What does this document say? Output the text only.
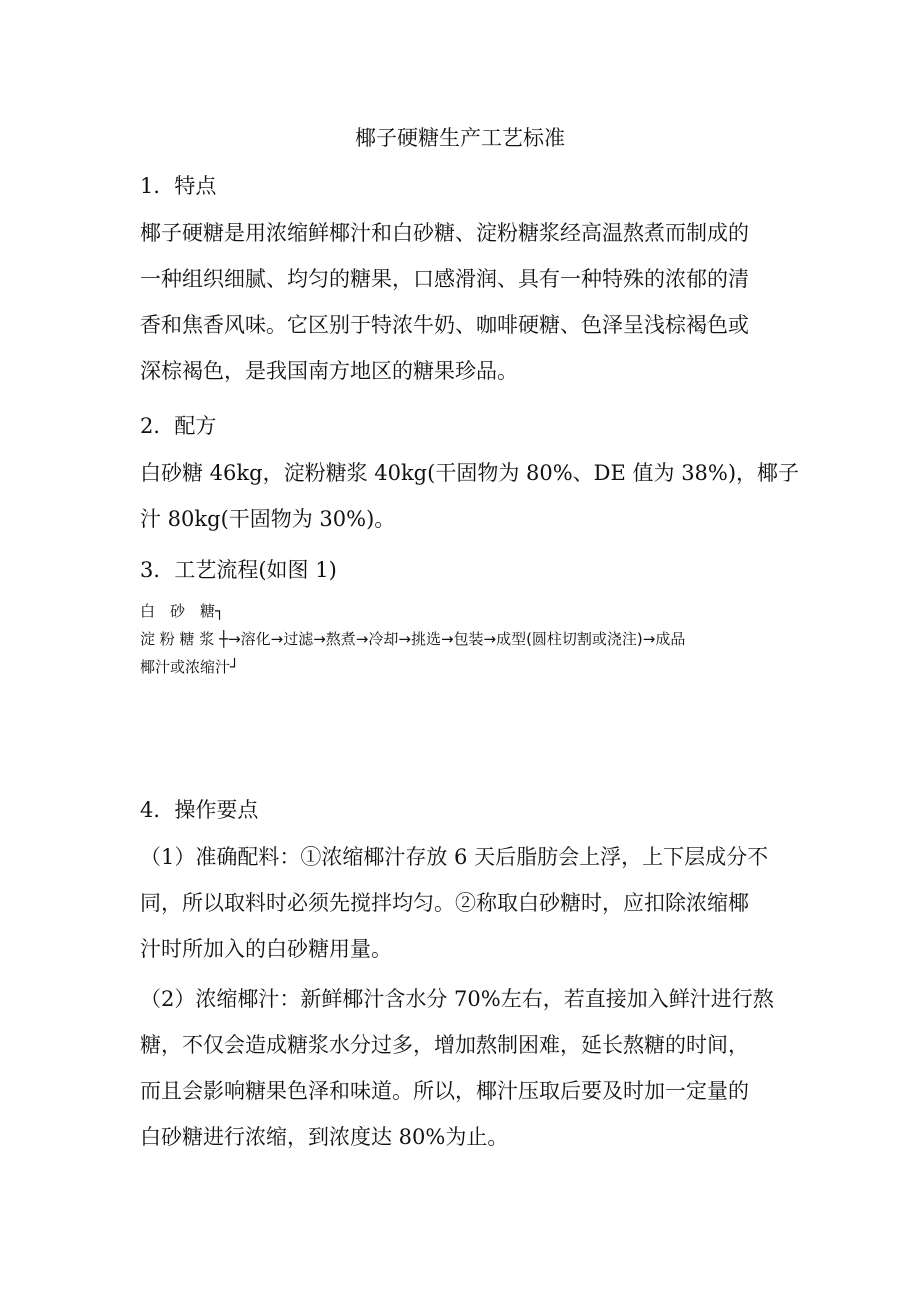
椰子硬糖生产工艺标准
1．特点
椰子硬糖是用浓缩鲜椰汁和白砂糖、淀粉糖浆经高温熬煮而制成的
一种组织细腻、均匀的糖果，口感滑润、具有一种特殊的浓郁的清
香和焦香风味。它区别于特浓牛奶、咖啡硬糖、色泽呈浅棕褐色或
深棕褐色，是我国南方地区的糖果珍品。
2．配方
白砂糖 46kg，淀粉糖浆 40kg(干固物为 80%、DE 值为 38%)，椰子
汁 80kg(干固物为 30%)。
3．工艺流程(如图 1)
白　砂　糖┐
淀 粉 糖 浆 ┼→溶化→过滤→熬煮→冷却→挑选→包装→成型(圆柱切割或浇注)→成品
椰汁或浓缩汁┘
4．操作要点
（1）准确配料：①浓缩椰汁存放 6 天后脂肪会上浮，上下层成分不
同，所以取料时必须先搅拌均匀。②称取白砂糖时，应扣除浓缩椰
汁时所加入的白砂糖用量。
（2）浓缩椰汁：新鲜椰汁含水分 70%左右，若直接加入鲜汁进行熬
糖，不仅会造成糖浆水分过多，增加熬制困难，延长熬糖的时间，
而且会影响糖果色泽和味道。所以，椰汁压取后要及时加一定量的
白砂糖进行浓缩，到浓度达 80%为止。
